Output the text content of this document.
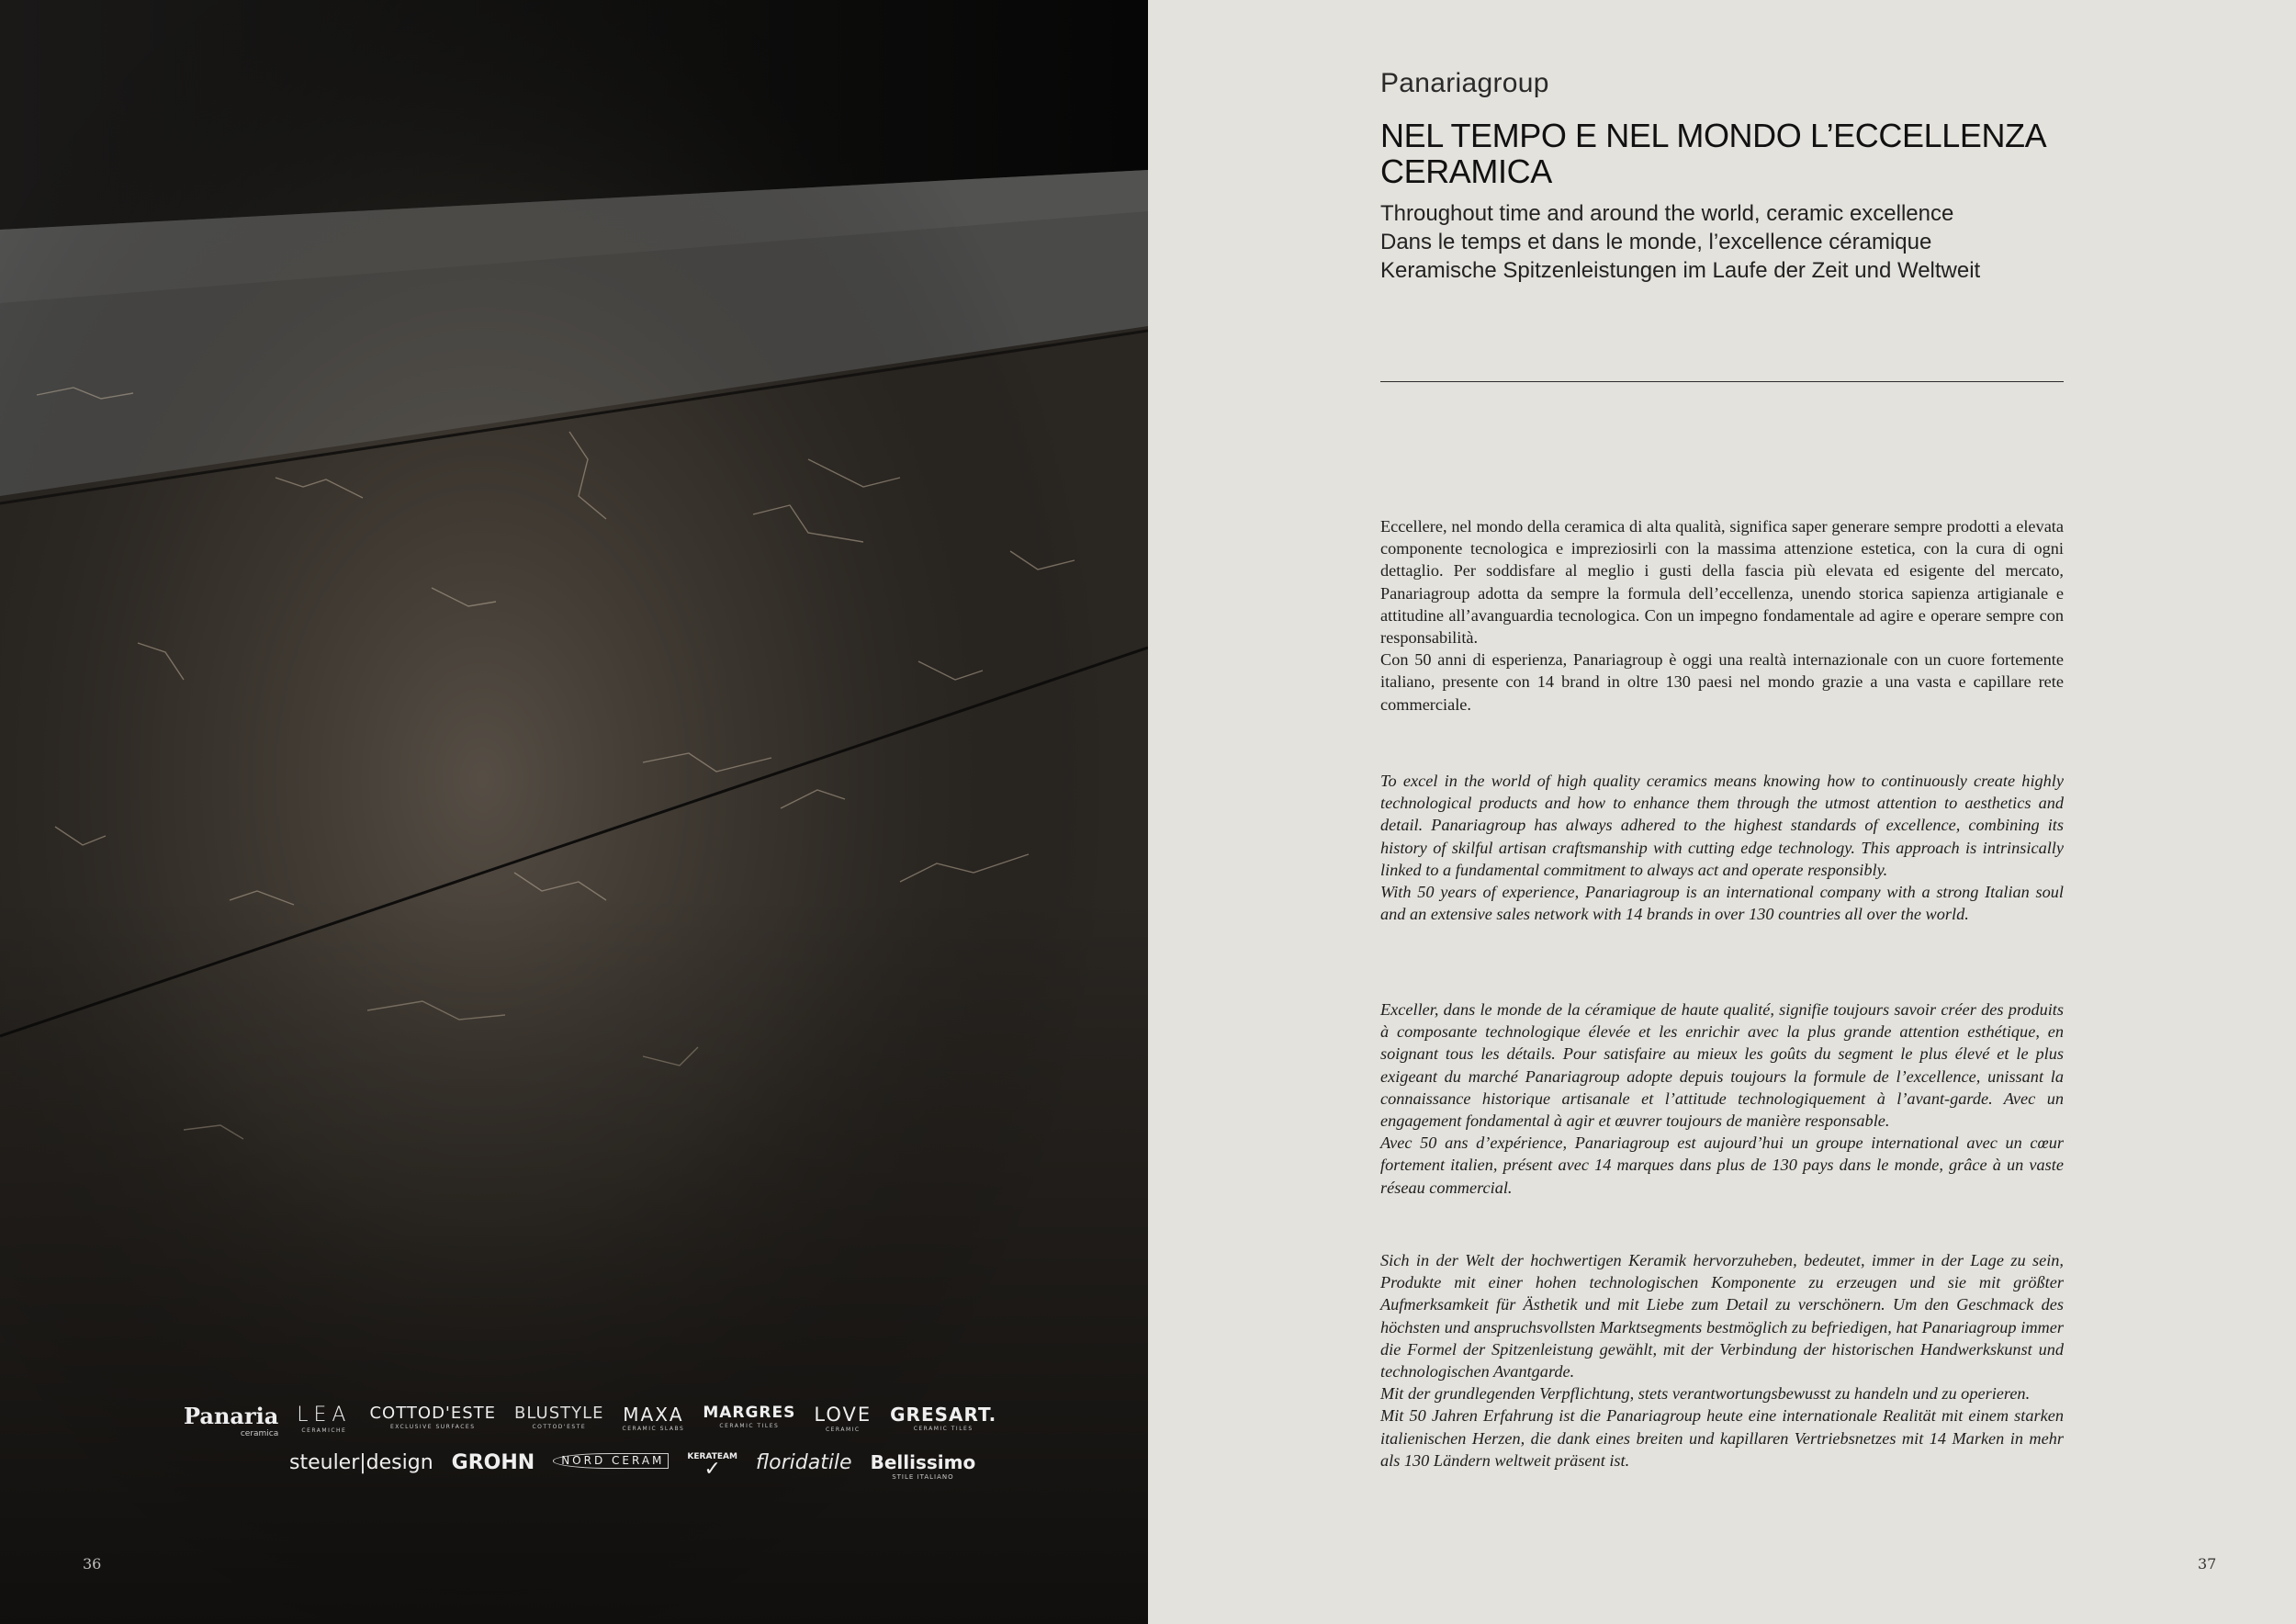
Panaria
ceramica
LEA
CERAMICHE
COTTOD'ESTE
EXCLUSIVE SURFACES
BLUSTYLE
COTTOD'ESTE
MAXA
CERAMIC SLABS
MARGRES
CERAMIC TILES
LOVE
CERAMIC
GRESART.
CERAMIC TILES
steuler|design GROHN	NORD CERAM	KERATEAM
✓	floridatile Bellissimo
STILE ITALIANO
36
Panariagroup
NEL TEMPO E NEL MONDO L’ECCELLENZA
CERAMICA
Throughout time and around the world, ceramic excellence
Dans le temps et dans le monde, l’excellence céramique
Keramische Spitzenleistungen im Laufe der Zeit und Weltweit

Eccellere, nel mondo della ceramica di alta qualità, significa saper generare sempre prodotti a elevata componente tecnologica e impreziosirli con la massima attenzione estetica, con la cura di ogni dettaglio. Per soddisfare al meglio i gusti della fascia più elevata ed esigente del mercato, Panariagroup adotta da sempre la formula dell’eccellenza, unendo storica sapienza artigianale e attitudine all’avanguardia tecnologica. Con un impegno fondamentale ad agire e operare sempre con responsabilità.

Con 50 anni di esperienza, Panariagroup è oggi una realtà internazionale con un cuore fortemente italiano, presente con 14 brand in oltre 130 paesi nel mondo grazie a una vasta e capillare rete commerciale.

To excel in the world of high quality ceramics means knowing how to continuously create highly technological products and how to enhance them through the utmost attention to aesthetics and detail. Panariagroup has always adhered to the highest standards of excellence, combining its history of skilful artisan craftsmanship with cutting edge technology. This approach is intrinsically linked to a fundamental commitment to always act and operate responsibly.

With 50 years of experience, Panariagroup is an international company with a strong Italian soul and an extensive sales network with 14 brands in over 130 countries all over the world.

Exceller, dans le monde de la céramique de haute qualité, signifie toujours savoir créer des produits à composante technologique élevée et les enrichir avec la plus grande attention esthétique, en soignant tous les détails. Pour satisfaire au mieux les goûts du segment le plus élevé et le plus exigeant du marché Panariagroup adopte depuis toujours la formule de l’excellence, unissant la connaissance historique artisanale et l’attitude technologiquement à l’avant-garde. Avec un engagement fondamental à agir et œuvrer toujours de manière responsable.

Avec 50 ans d’expérience, Panariagroup est aujourd’hui un groupe international avec un cœur fortement italien, présent avec 14 marques dans plus de 130 pays dans le monde, grâce à un vaste réseau commercial.

Sich in der Welt der hochwertigen Keramik hervorzuheben, bedeutet, immer in der Lage zu sein, Produkte mit einer hohen technologischen Komponente zu erzeugen und sie mit größter Aufmerksamkeit für Ästhetik und mit Liebe zum Detail zu verschönern. Um den Geschmack des höchsten und anspruchsvollsten Marktsegments bestmöglich zu befriedigen, hat Panariagroup immer die Formel der Spitzenleistung gewählt, mit der Verbindung der historischen Handwerkskunst und technologischen Avantgarde.

Mit der grundlegenden Verpflichtung, stets verantwortungsbewusst zu handeln und zu operieren.

Mit 50 Jahren Erfahrung ist die Panariagroup heute eine internationale Realität mit einem starken italienischen Herzen, die dank eines breiten und kapillaren Vertriebsnetzes mit 14 Marken in mehr als 130 Ländern weltweit präsent ist.

37
